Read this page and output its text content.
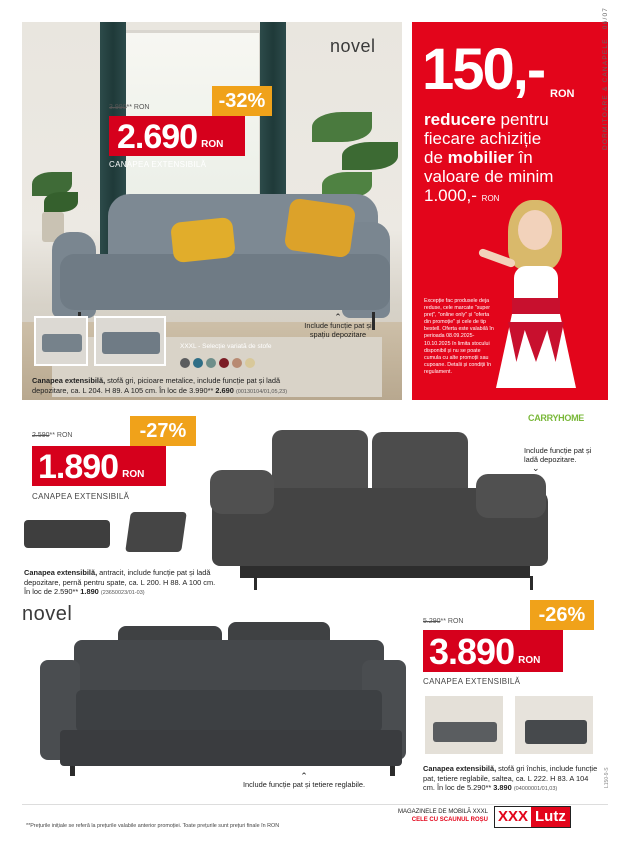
novel
3.990** RON	-32%
2.690 RON
CANAPEA EXTENSIBILĂ
XXXL - Selecție variată de stofe
⌃
Include funcție pat și spațiu depozitare
Canapea extensibilă, stofă gri, picioare metalice, include funcție pat și ladă depozitare, ca. L 204. H 89. A 105 cm. În loc de 3.990** 2.690 (00130104/01,05,23)
150,- RON
reducere pentru
fiecare achiziție
de mobilier în
valoare de minim
1.000,- RON
Excepție fac produsele deja reduse, cele marcate "super preț", "online only" și "oferta din promoție" și cele de tip bestell. Oferta este valabilă în perioada 08.09.2025-10.10.2025 în limita stocului disponibil și nu se poate cumula cu alte promoții sau cupoane. Detalii și condiții în regulament.
DORMITOARE & CANAPELE   06/07
CARRYHOME
2.590** RON	-27%
1.890 RON
CANAPEA EXTENSIBILĂ
Include funcție pat și ladă depozitare.
⌄
Canapea extensibilă, antracit, include funcție pat și ladă depozitare, pernă pentru spate, ca. L 200. H 88. A 100 cm. În loc de 2.590** 1.890 (23650023/01-03)
novel
⌃
Include funcție pat și tetiere reglabile.
5.290** RON	-26%
3.890 RON
CANAPEA EXTENSIBILĂ
Canapea extensibilă, stofă gri închis, include funcție pat, tetiere reglabile, saltea, ca. L 222. H 83. A 104 cm. În loc de 5.290** 3.890 (04000001/01,03)
L150-9-S
**Prețurile inițiale se referă la prețurile valabile anterior promoției. Toate prețurile sunt prețuri finale în RON
MAGAZINELE DE MOBILĂ XXXL
CELE CU SCAUNUL ROȘU XXX Lutz
